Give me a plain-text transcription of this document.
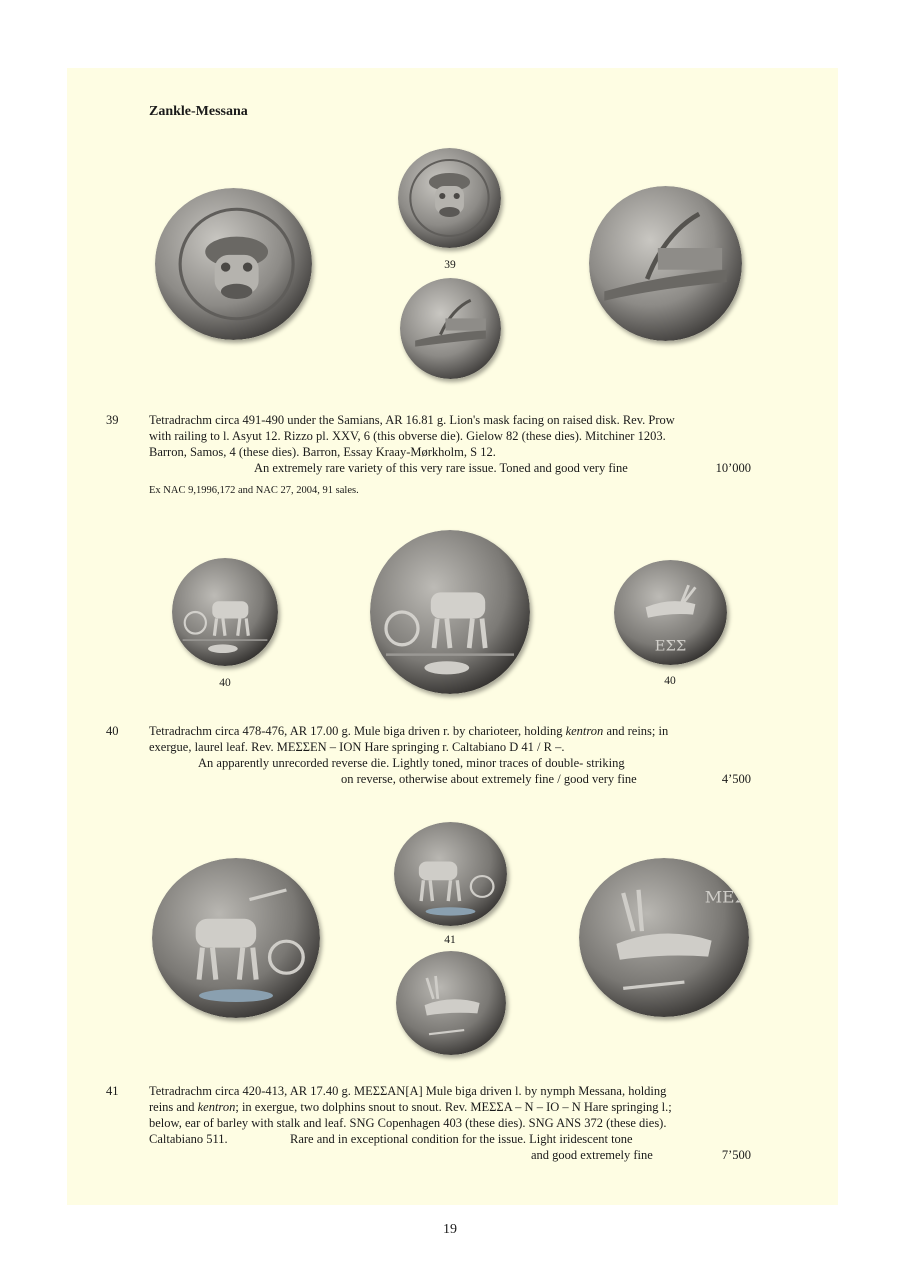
Zankle-Messana
39
39 Tetradrachm circa 491-490 under the Samians, AR 16.81 g. Lion's mask facing on raised disk. Rev. Prow
with railing to l. Asyut 12. Rizzo pl. XXV, 6 (this obverse die). Gielow 82 (these dies). Mitchiner 1203.
Barron, Samos, 4 (these dies). Barron, Essay Kraay-Mørkholm, S 12.
An extremely rare variety of this very rare issue. Toned and good very fine	10’000
Ex NAC 9,1996,172 and NAC 27, 2004, 91 sales.
ΕΣΣ
40	40
40 Tetradrachm circa 478-476, AR 17.00 g. Mule biga driven r. by charioteer, holding kentron and reins; in
exergue, laurel leaf. Rev. ΜΕΣΣΕΝ – ΙΟΝ Hare springing r. Caltabiano D 41 / R –.
An apparently unrecorded reverse die. Lightly toned, minor traces of double- striking
on reverse, otherwise about extremely fine / good very fine	4’500
41
ΜΕΣ
41 Tetradrachm circa 420-413, AR 17.40 g. ΜΕΣΣΑΝ[Α] Mule biga driven l. by nymph Messana, holding
reins and kentron; in exergue, two dolphins snout to snout. Rev. ΜΕΣΣΑ – Ν – ΙΟ – Ν Hare springing l.;
below, ear of barley with stalk and leaf. SNG Copenhagen 403 (these dies). SNG ANS 372 (these dies).
Caltabiano 511.	Rare and in exceptional condition for the issue. Light iridescent tone
and good extremely fine	7’500
19
